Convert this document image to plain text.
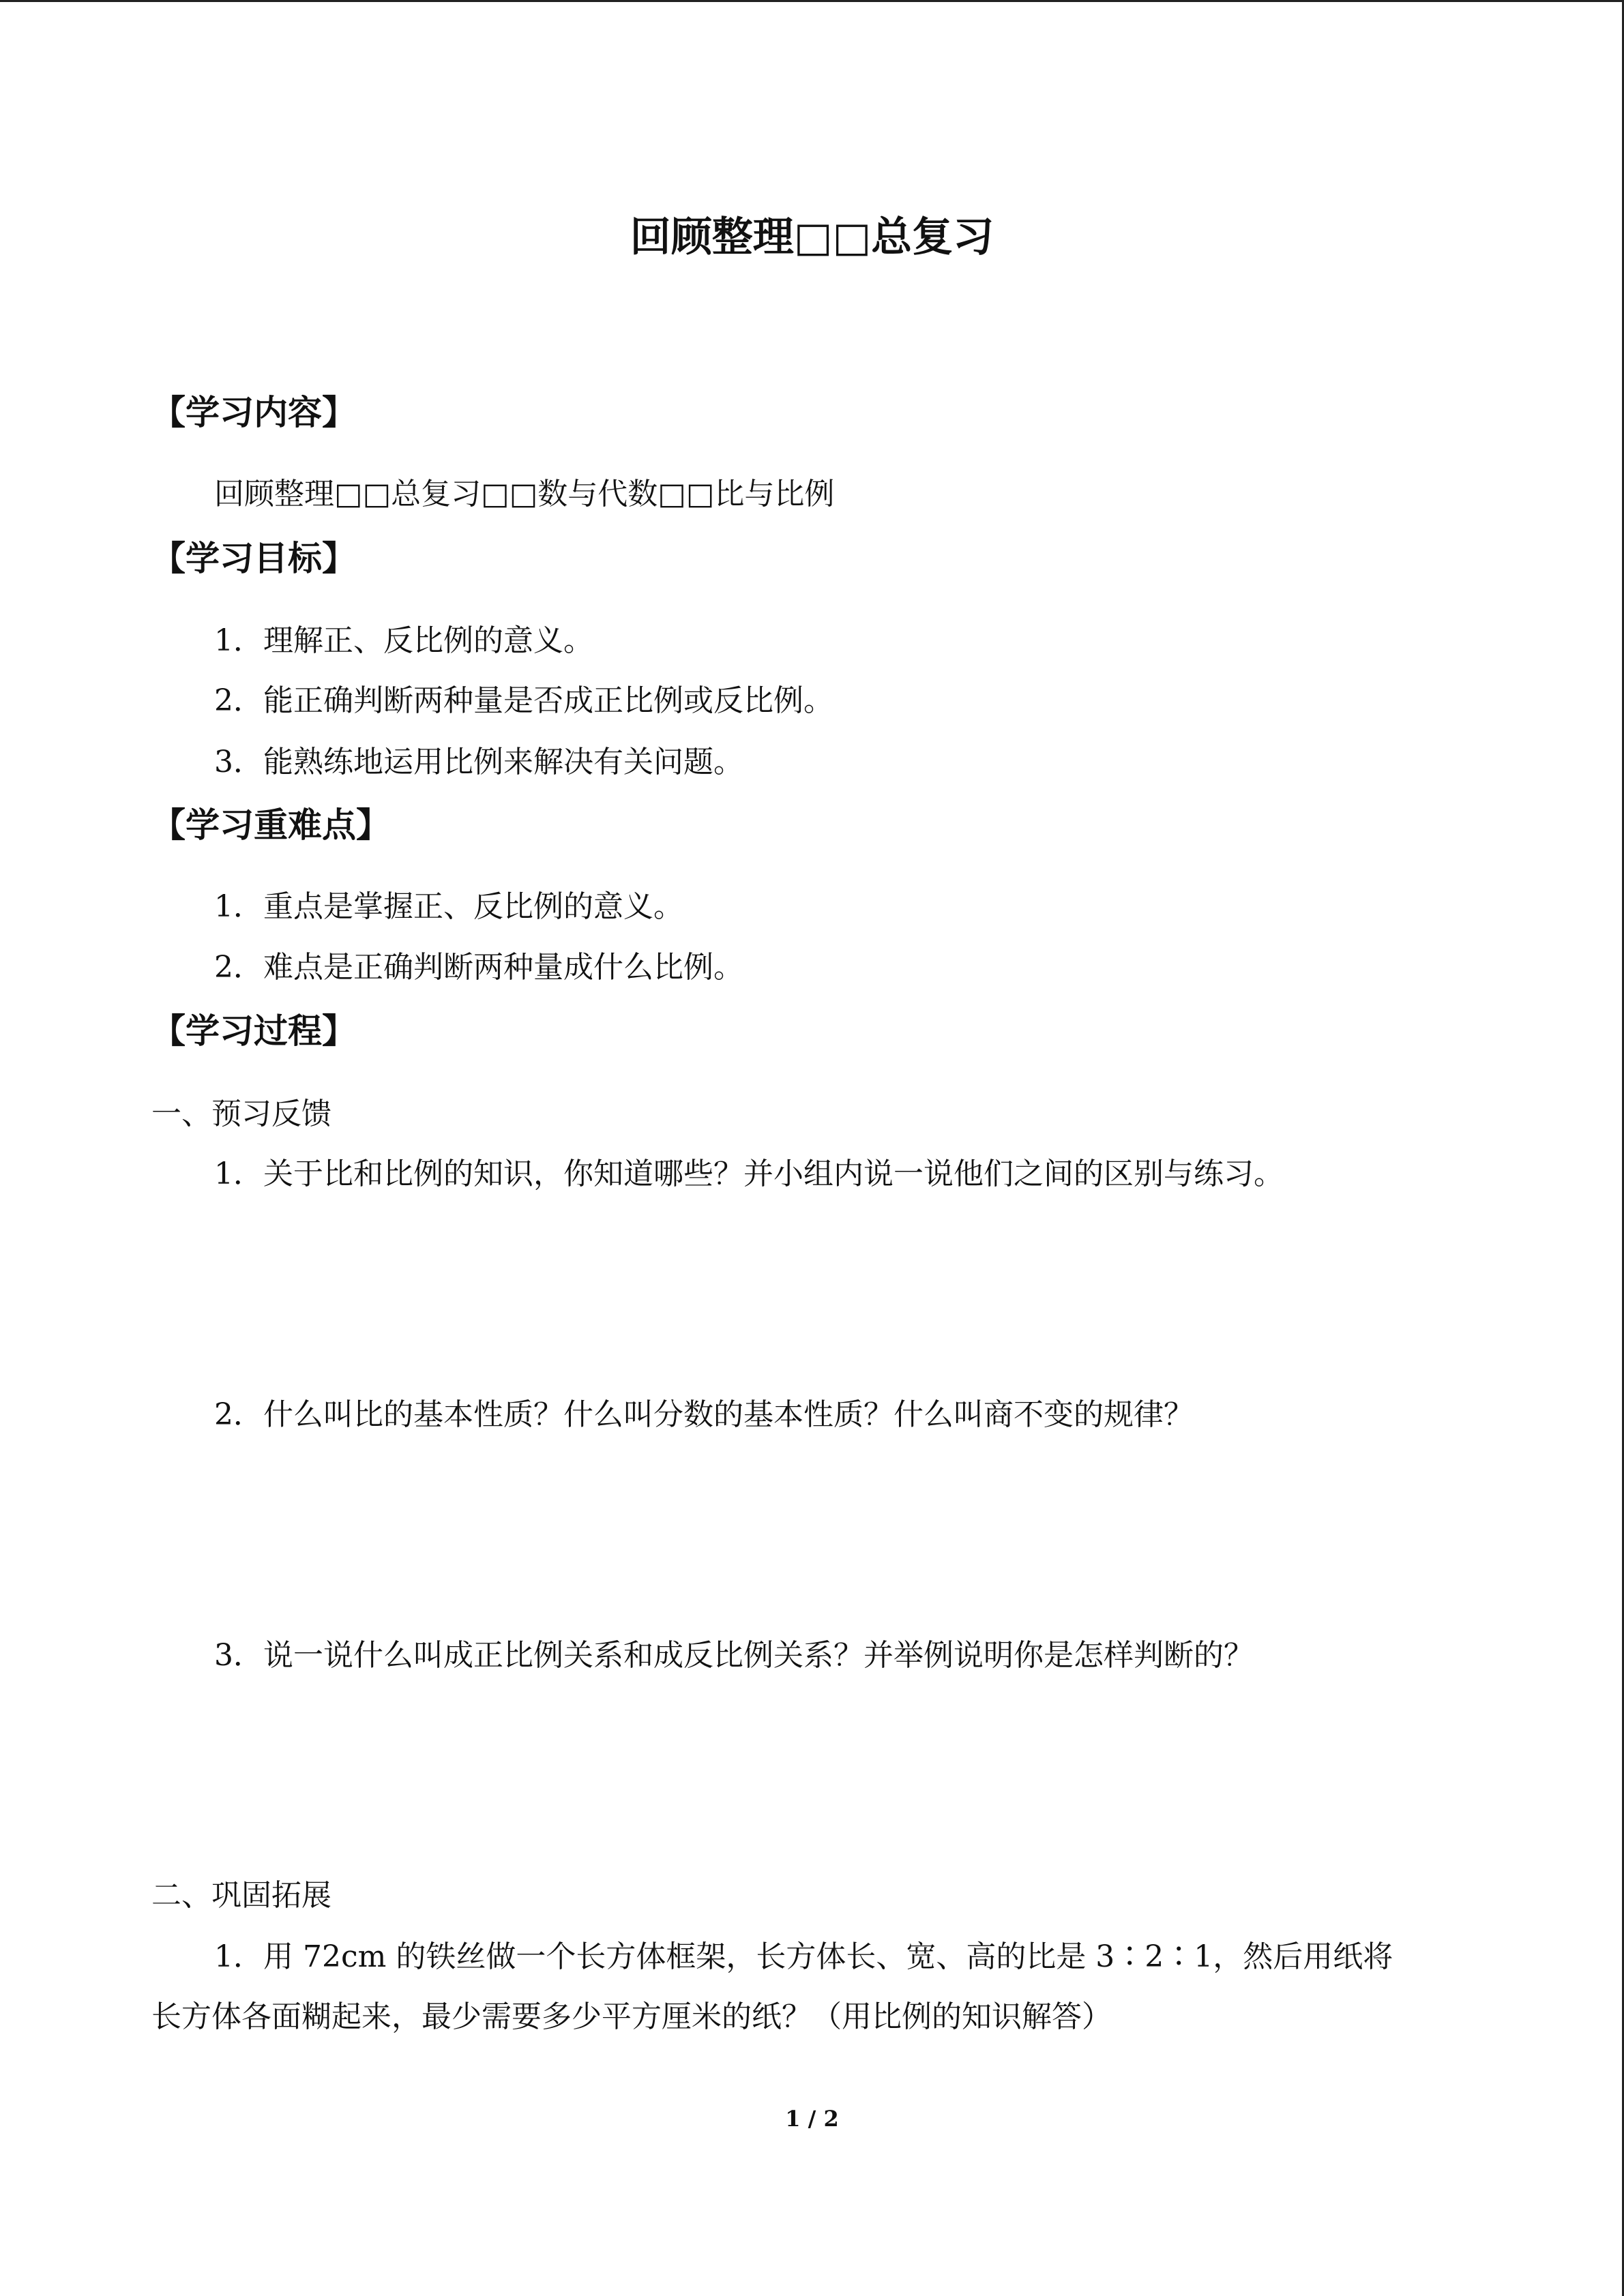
回顾整理□□总复习
【学习内容】
回顾整理□□总复习□□数与代数□□比与比例
【学习目标】
1．理解正、反比例的意义。
2．能正确判断两种量是否成正比例或反比例。
3．能熟练地运用比例来解决有关问题。
【学习重难点】
1．重点是掌握正、反比例的意义。
2．难点是正确判断两种量成什么比例。
【学习过程】
一、预习反馈
1．关于比和比例的知识，你知道哪些？并小组内说一说他们之间的区别与练习。
2．什么叫比的基本性质？什么叫分数的基本性质？什么叫商不变的规律？
3．说一说什么叫成正比例关系和成反比例关系？并举例说明你是怎样判断的？
二、巩固拓展
1．用 72cm 的铁丝做一个长方体框架，长方体长、宽、高的比是 3∶2∶1，然后用纸将
长方体各面糊起来，最少需要多少平方厘米的纸？（用比例的知识解答）
1 / 2
